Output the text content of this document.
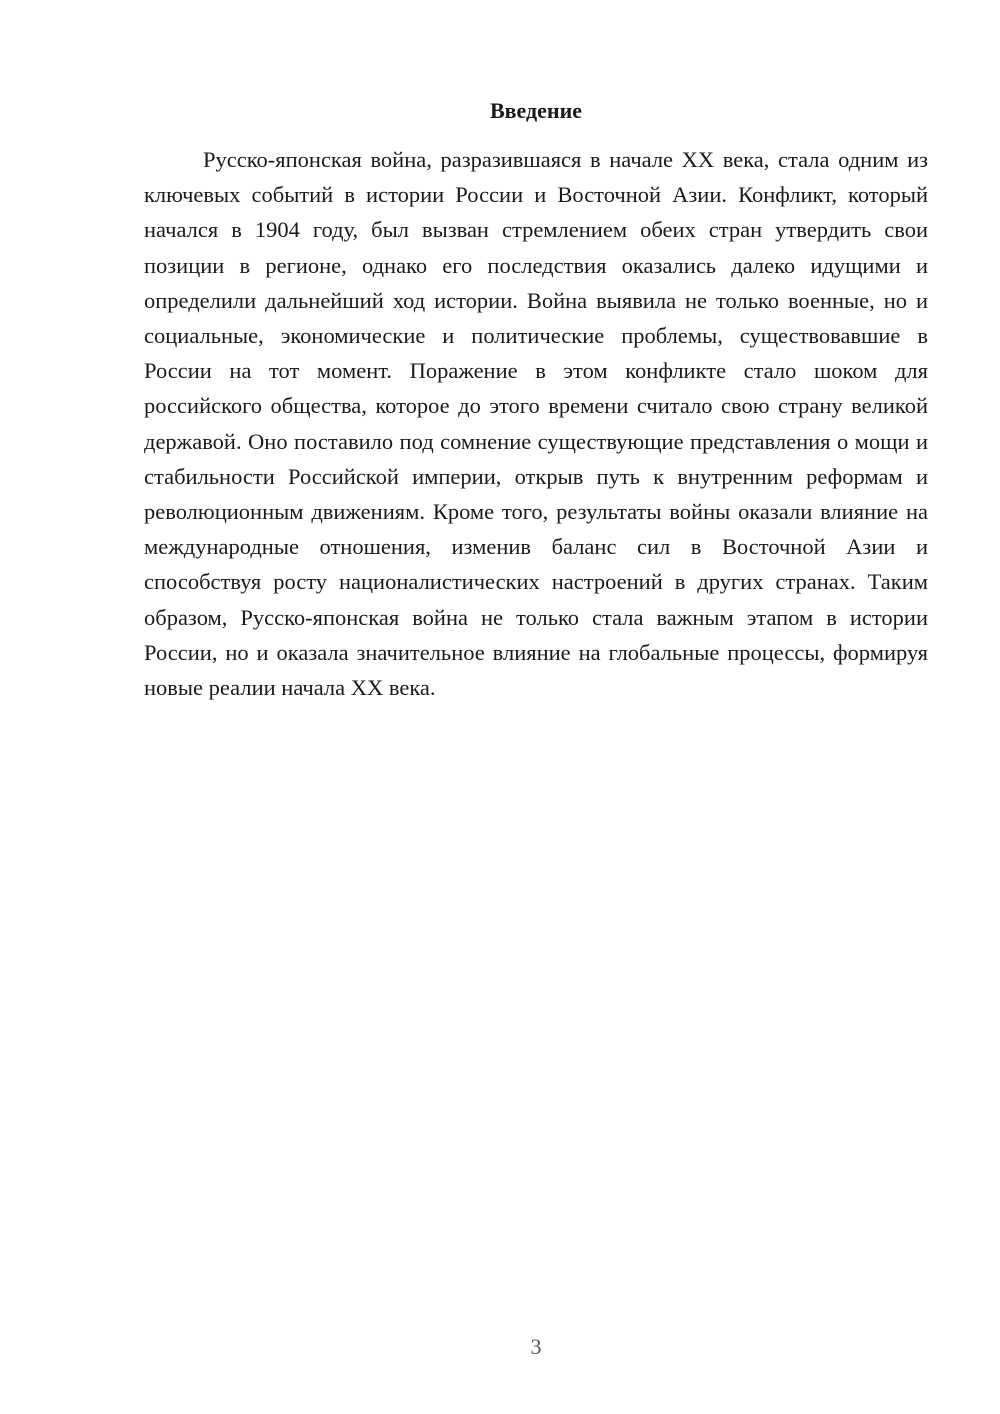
Введение

Русско-японская война, разразившаяся в начале XX века, стала одним из ключевых событий в истории России и Восточной Азии. Конфликт, который начался в 1904 году, был вызван стремлением обеих стран утвердить свои позиции в регионе, однако его последствия оказались далеко идущими и определили дальнейший ход истории. Война выявила не только военные, но и социальные, экономические и политические проблемы, существовавшие в России на тот момент. Поражение в этом конфликте стало шоком для российского общества, которое до этого времени считало свою страну великой державой. Оно поставило под сомнение существующие представления о мощи и стабильности Российской империи, открыв путь к внутренним реформам и революционным движениям. Кроме того, результаты войны оказали влияние на международные отношения, изменив баланс сил в Восточной Азии и способствуя росту националистических настроений в других странах. Таким образом, Русско-японская война не только стала важным этапом в истории России, но и оказала значительное влияние на глобальные процессы, формируя новые реалии начала XX века.

3
